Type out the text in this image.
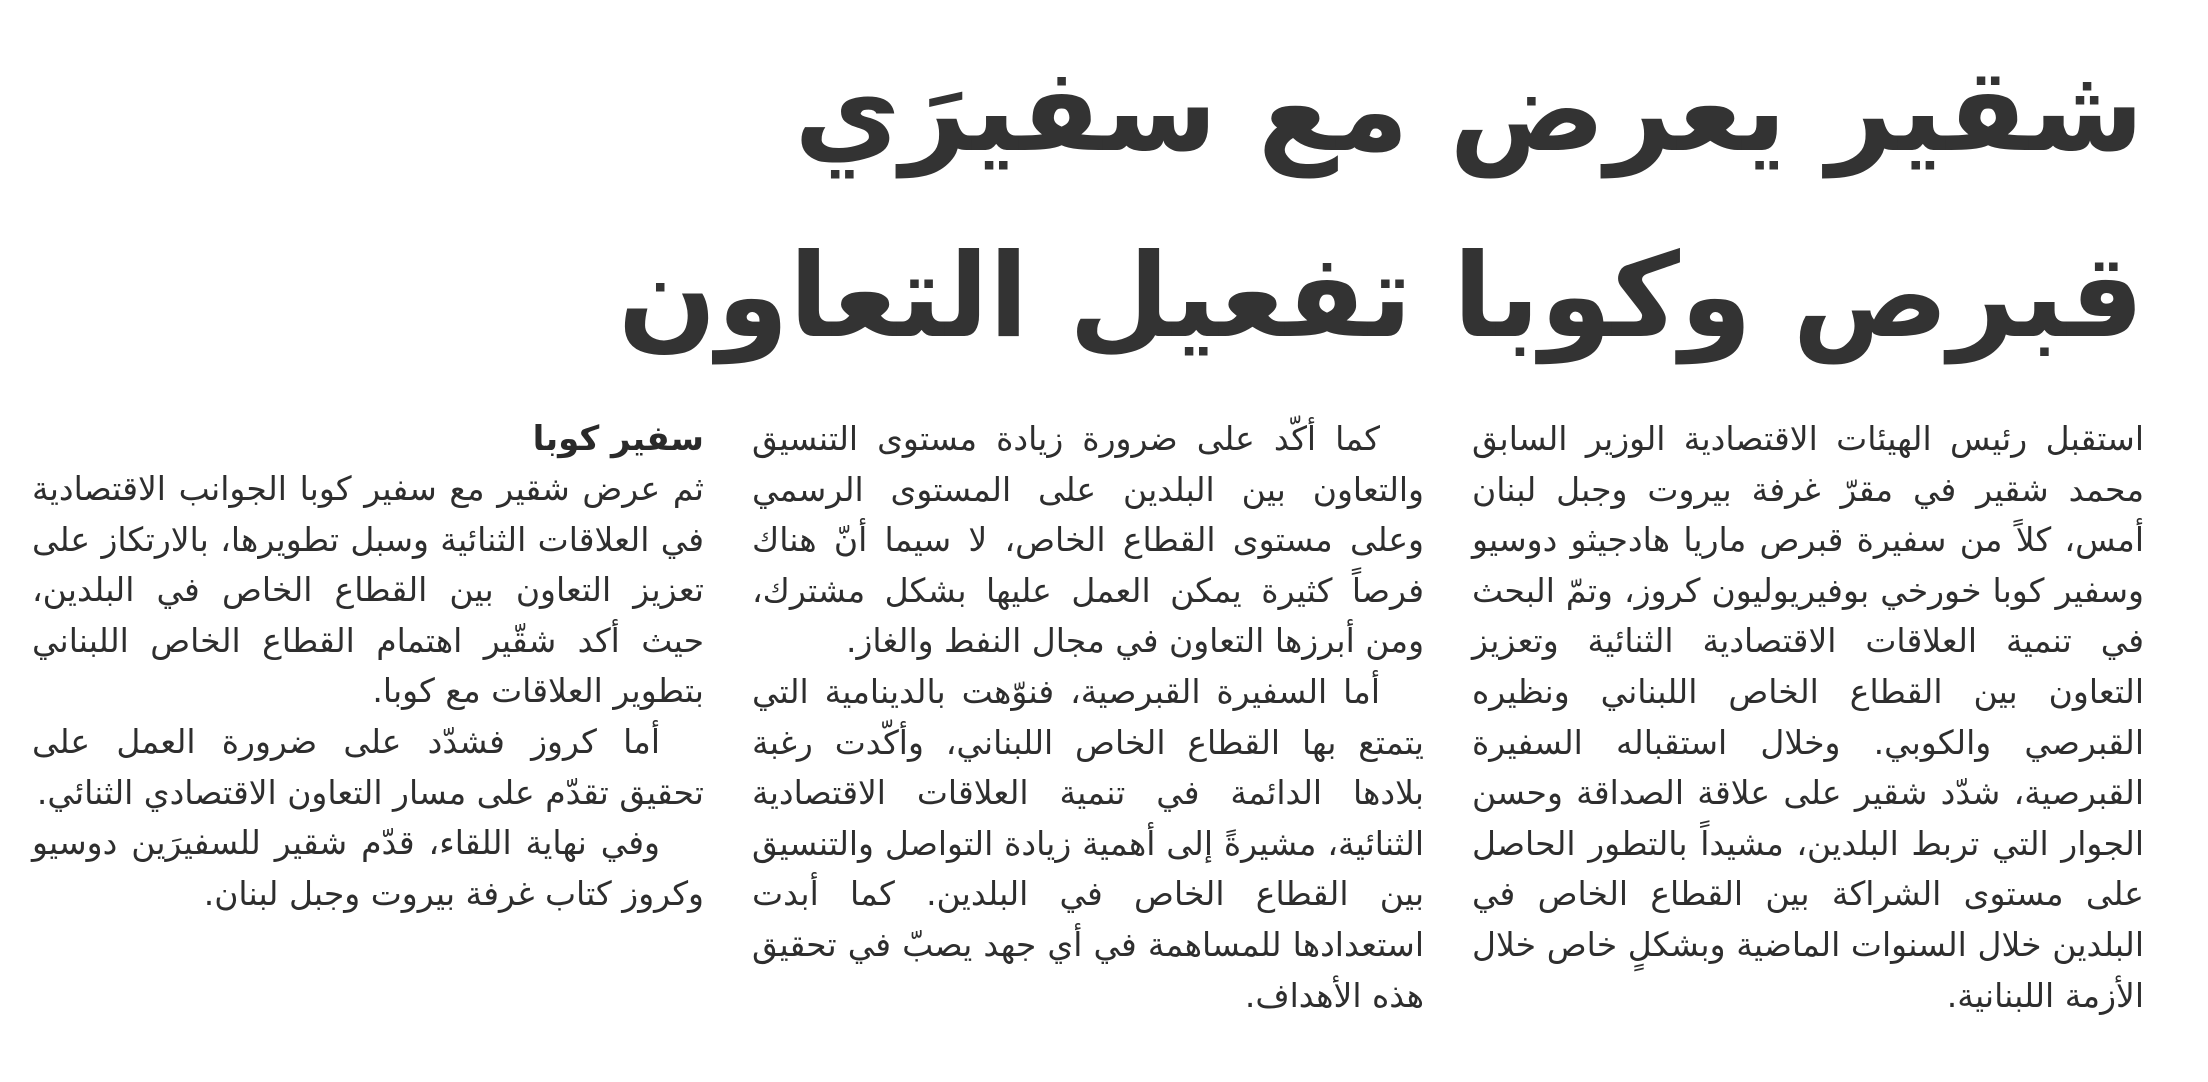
شقير يعرض مع سفيرَي قبرص وكوبا تفعيل التعاون

استقبل رئيس الهيئات الاقتصادية الوزير السابق محمد شقير في مقرّ غرفة بيروت وجبل لبنان أمس، كلاً من سفيرة قبرص ماريا هادجيثو دوسيو وسفير كوبا خورخي بوفيريوليون كروز، وتمّ البحث في تنمية العلاقات الاقتصادية الثنائية وتعزيز التعاون بين القطاع الخاص اللبناني ونظيره القبرصي والكوبي. وخلال استقباله السفيرة القبرصية، شدّد شقير على علاقة الصداقة وحسن الجوار التي تربط البلدين، مشيداً بالتطور الحاصل على مستوى الشراكة بين القطاع الخاص في البلدين خلال السنوات الماضية وبشكلٍ خاص خلال الأزمة اللبنانية.

كما أكّد على ضرورة زيادة مستوى التنسيق والتعاون بين البلدين على المستوى الرسمي وعلى مستوى القطاع الخاص، لا سيما أنّ هناك فرصاً كثيرة يمكن العمل عليها بشكل مشترك، ومن أبرزها التعاون في مجال النفط والغاز.

أما السفيرة القبرصية، فنوّهت بالدينامية التي يتمتع بها القطاع الخاص اللبناني، وأكّدت رغبة بلادها الدائمة في تنمية العلاقات الاقتصادية الثنائية، مشيرةً إلى أهمية زيادة التواصل والتنسيق بين القطاع الخاص في البلدين. كما أبدت استعدادها للمساهمة في أي جهد يصبّ في تحقيق هذه الأهداف.

سفير كوبا

ثم عرض شقير مع سفير كوبا الجوانب الاقتصادية في العلاقات الثنائية وسبل تطويرها، بالارتكاز على تعزيز التعاون بين القطاع الخاص في البلدين، حيث أكد شقّير اهتمام القطاع الخاص اللبناني بتطوير العلاقات مع كوبا.

أما كروز فشدّد على ضرورة العمل على تحقيق تقدّم على مسار التعاون الاقتصادي الثنائي.

وفي نهاية اللقاء، قدّم شقير للسفيرَين دوسيو وكروز كتاب غرفة بيروت وجبل لبنان.
